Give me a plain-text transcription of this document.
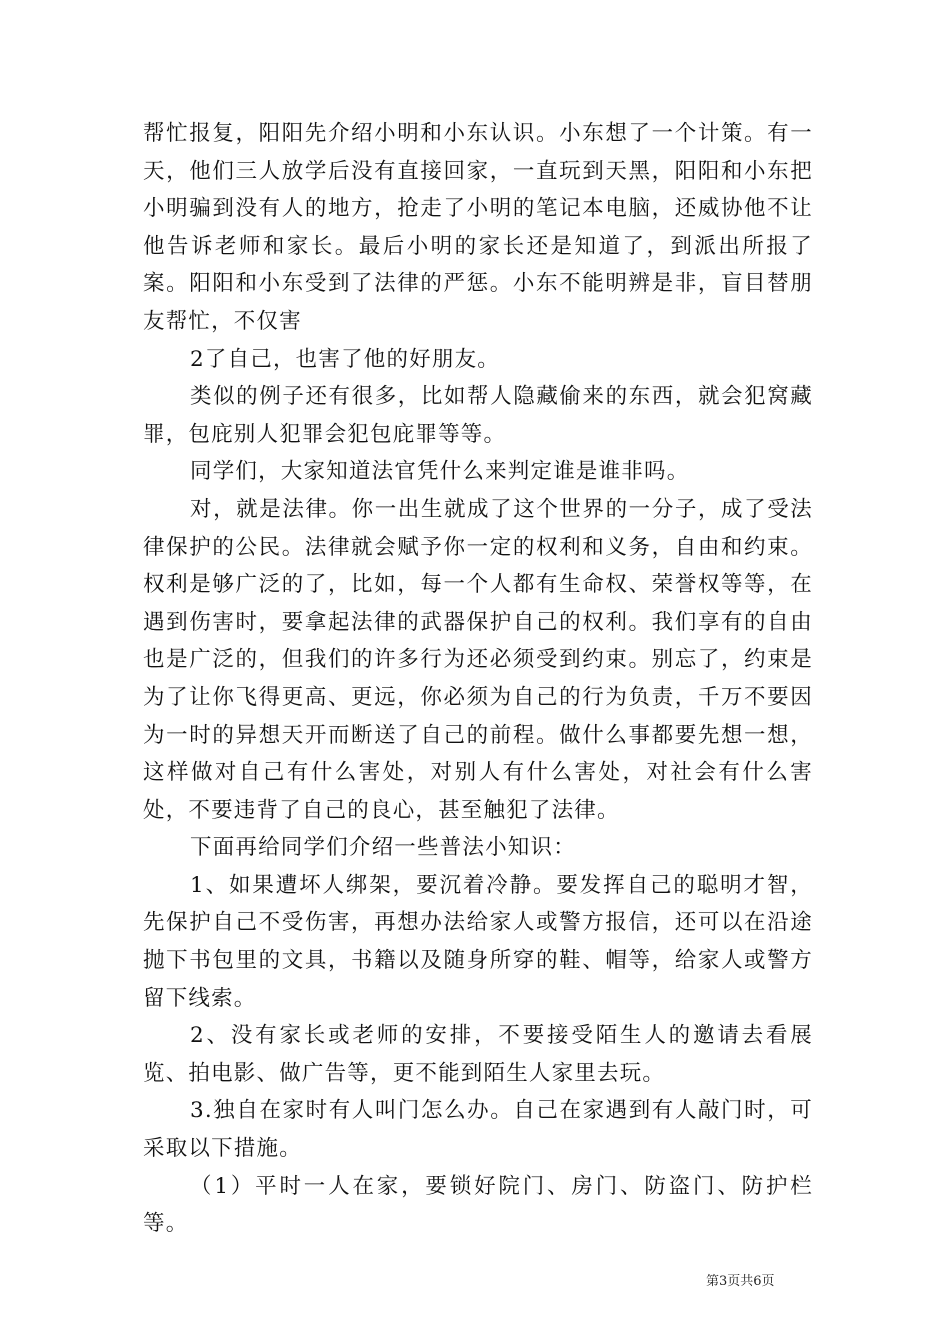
帮忙报复，阳阳先介绍小明和小东认识。小东想了一个计策。有一天，他们三人放学后没有直接回家，一直玩到天黑，阳阳和小东把小明骗到没有人的地方，抢走了小明的笔记本电脑，还威协他不让他告诉老师和家长。最后小明的家长还是知道了，到派出所报了案。阳阳和小东受到了法律的严惩。小东不能明辨是非，盲目替朋友帮忙，不仅害

2了自己，也害了他的好朋友。

类似的例子还有很多，比如帮人隐藏偷来的东西，就会犯窝藏罪，包庇别人犯罪会犯包庇罪等等。

同学们，大家知道法官凭什么来判定谁是谁非吗。

对，就是法律。你一出生就成了这个世界的一分子，成了受法律保护的公民。法律就会赋予你一定的权利和义务，自由和约束。权利是够广泛的了，比如，每一个人都有生命权、荣誉权等等，在遇到伤害时，要拿起法律的武器保护自己的权利。我们享有的自由也是广泛的，但我们的许多行为还必须受到约束。别忘了，约束是为了让你飞得更高、更远，你必须为自己的行为负责，千万不要因为一时的异想天开而断送了自己的前程。做什么事都要先想一想，这样做对自己有什么害处，对别人有什么害处，对社会有什么害处，不要违背了自己的良心，甚至触犯了法律。

下面再给同学们介绍一些普法小知识：

1、如果遭坏人绑架，要沉着冷静。要发挥自己的聪明才智，先保护自己不受伤害，再想办法给家人或警方报信，还可以在沿途抛下书包里的文具，书籍以及随身所穿的鞋、帽等，给家人或警方留下线索。

2、没有家长或老师的安排，不要接受陌生人的邀请去看展览、拍电影、做广告等，更不能到陌生人家里去玩。

3.独自在家时有人叫门怎么办。自己在家遇到有人敲门时，可采取以下措施。

（1）平时一人在家，要锁好院门、房门、防盗门、防护栏等。

第3页共6页
